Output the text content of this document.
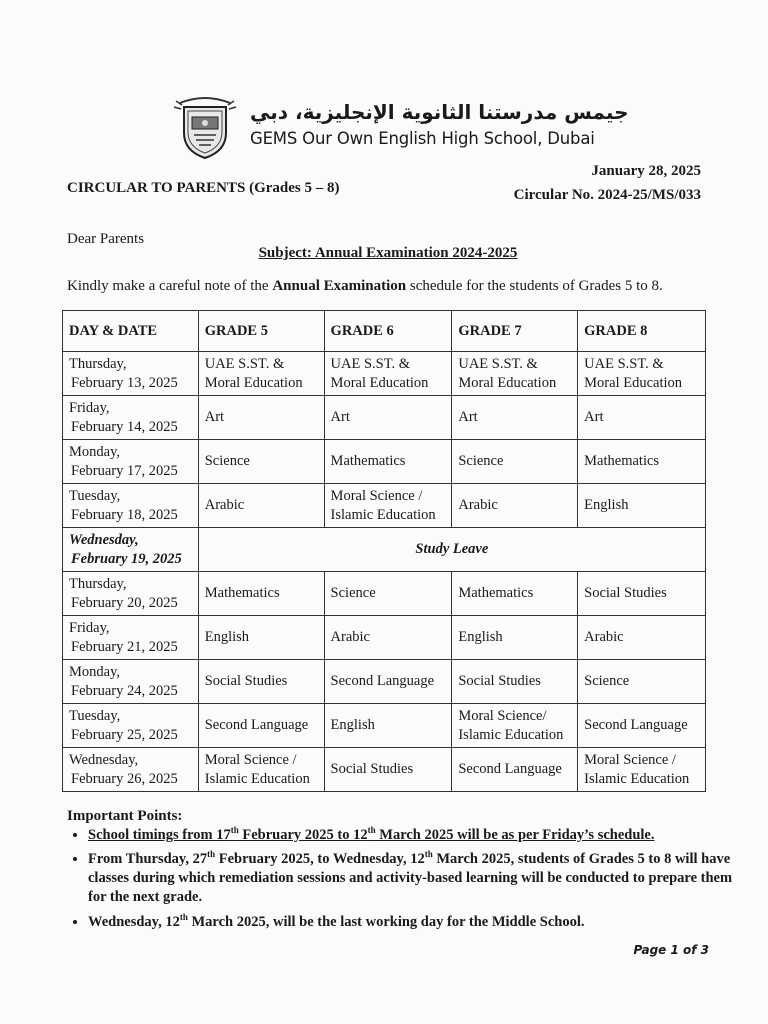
جيمس مدرستنا الثانوية الإنجليزية، دبي
GEMS Our Own English High School, Dubai
January 28, 2025
CIRCULAR TO PARENTS (Grades 5 – 8)	Circular No. 2024-25/MS/033
Dear Parents
Subject: Annual Examination 2024-2025
Kindly make a careful note of the Annual Examination schedule for the students of Grades 5 to 8.
DAY & DATE	GRADE 5	GRADE 6	GRADE 7	GRADE 8

Thursday,
February 13, 2025	UAE S.ST. & Moral Education	UAE S.ST. & Moral Education	UAE S.ST. & Moral Education	UAE S.ST. & Moral Education

Friday,
February 14, 2025	Art	Art	Art	Art

Monday,
February 17, 2025	Science	Mathematics	Science	Mathematics

Tuesday,
February 18, 2025	Arabic	Moral Science / Islamic Education	Arabic	English

Wednesday,
February 19, 2025	Study Leave			

Thursday,
February 20, 2025	Mathematics	Science	Mathematics	Social Studies

Friday,
February 21, 2025	English	Arabic	English	Arabic

Monday,
February 24, 2025	Social Studies	Second Language	Social Studies	Science

Tuesday,
February 25, 2025	Second Language	English	Moral Science/ Islamic Education	Second Language

Wednesday,
February 26, 2025	Moral Science / Islamic Education	Social Studies	Second Language	Moral Science / Islamic Education
Important Points:
• School timings from 17th February 2025 to 12th March 2025 will be as per Friday’s schedule.
• From Thursday, 27th February 2025, to Wednesday, 12th March 2025, students of Grades 5 to 8 will have classes during which remediation sessions and activity-based learning will be conducted to prepare them for the next grade.
• Wednesday, 12th March 2025, will be the last working day for the Middle School.
Page 1 of 3
